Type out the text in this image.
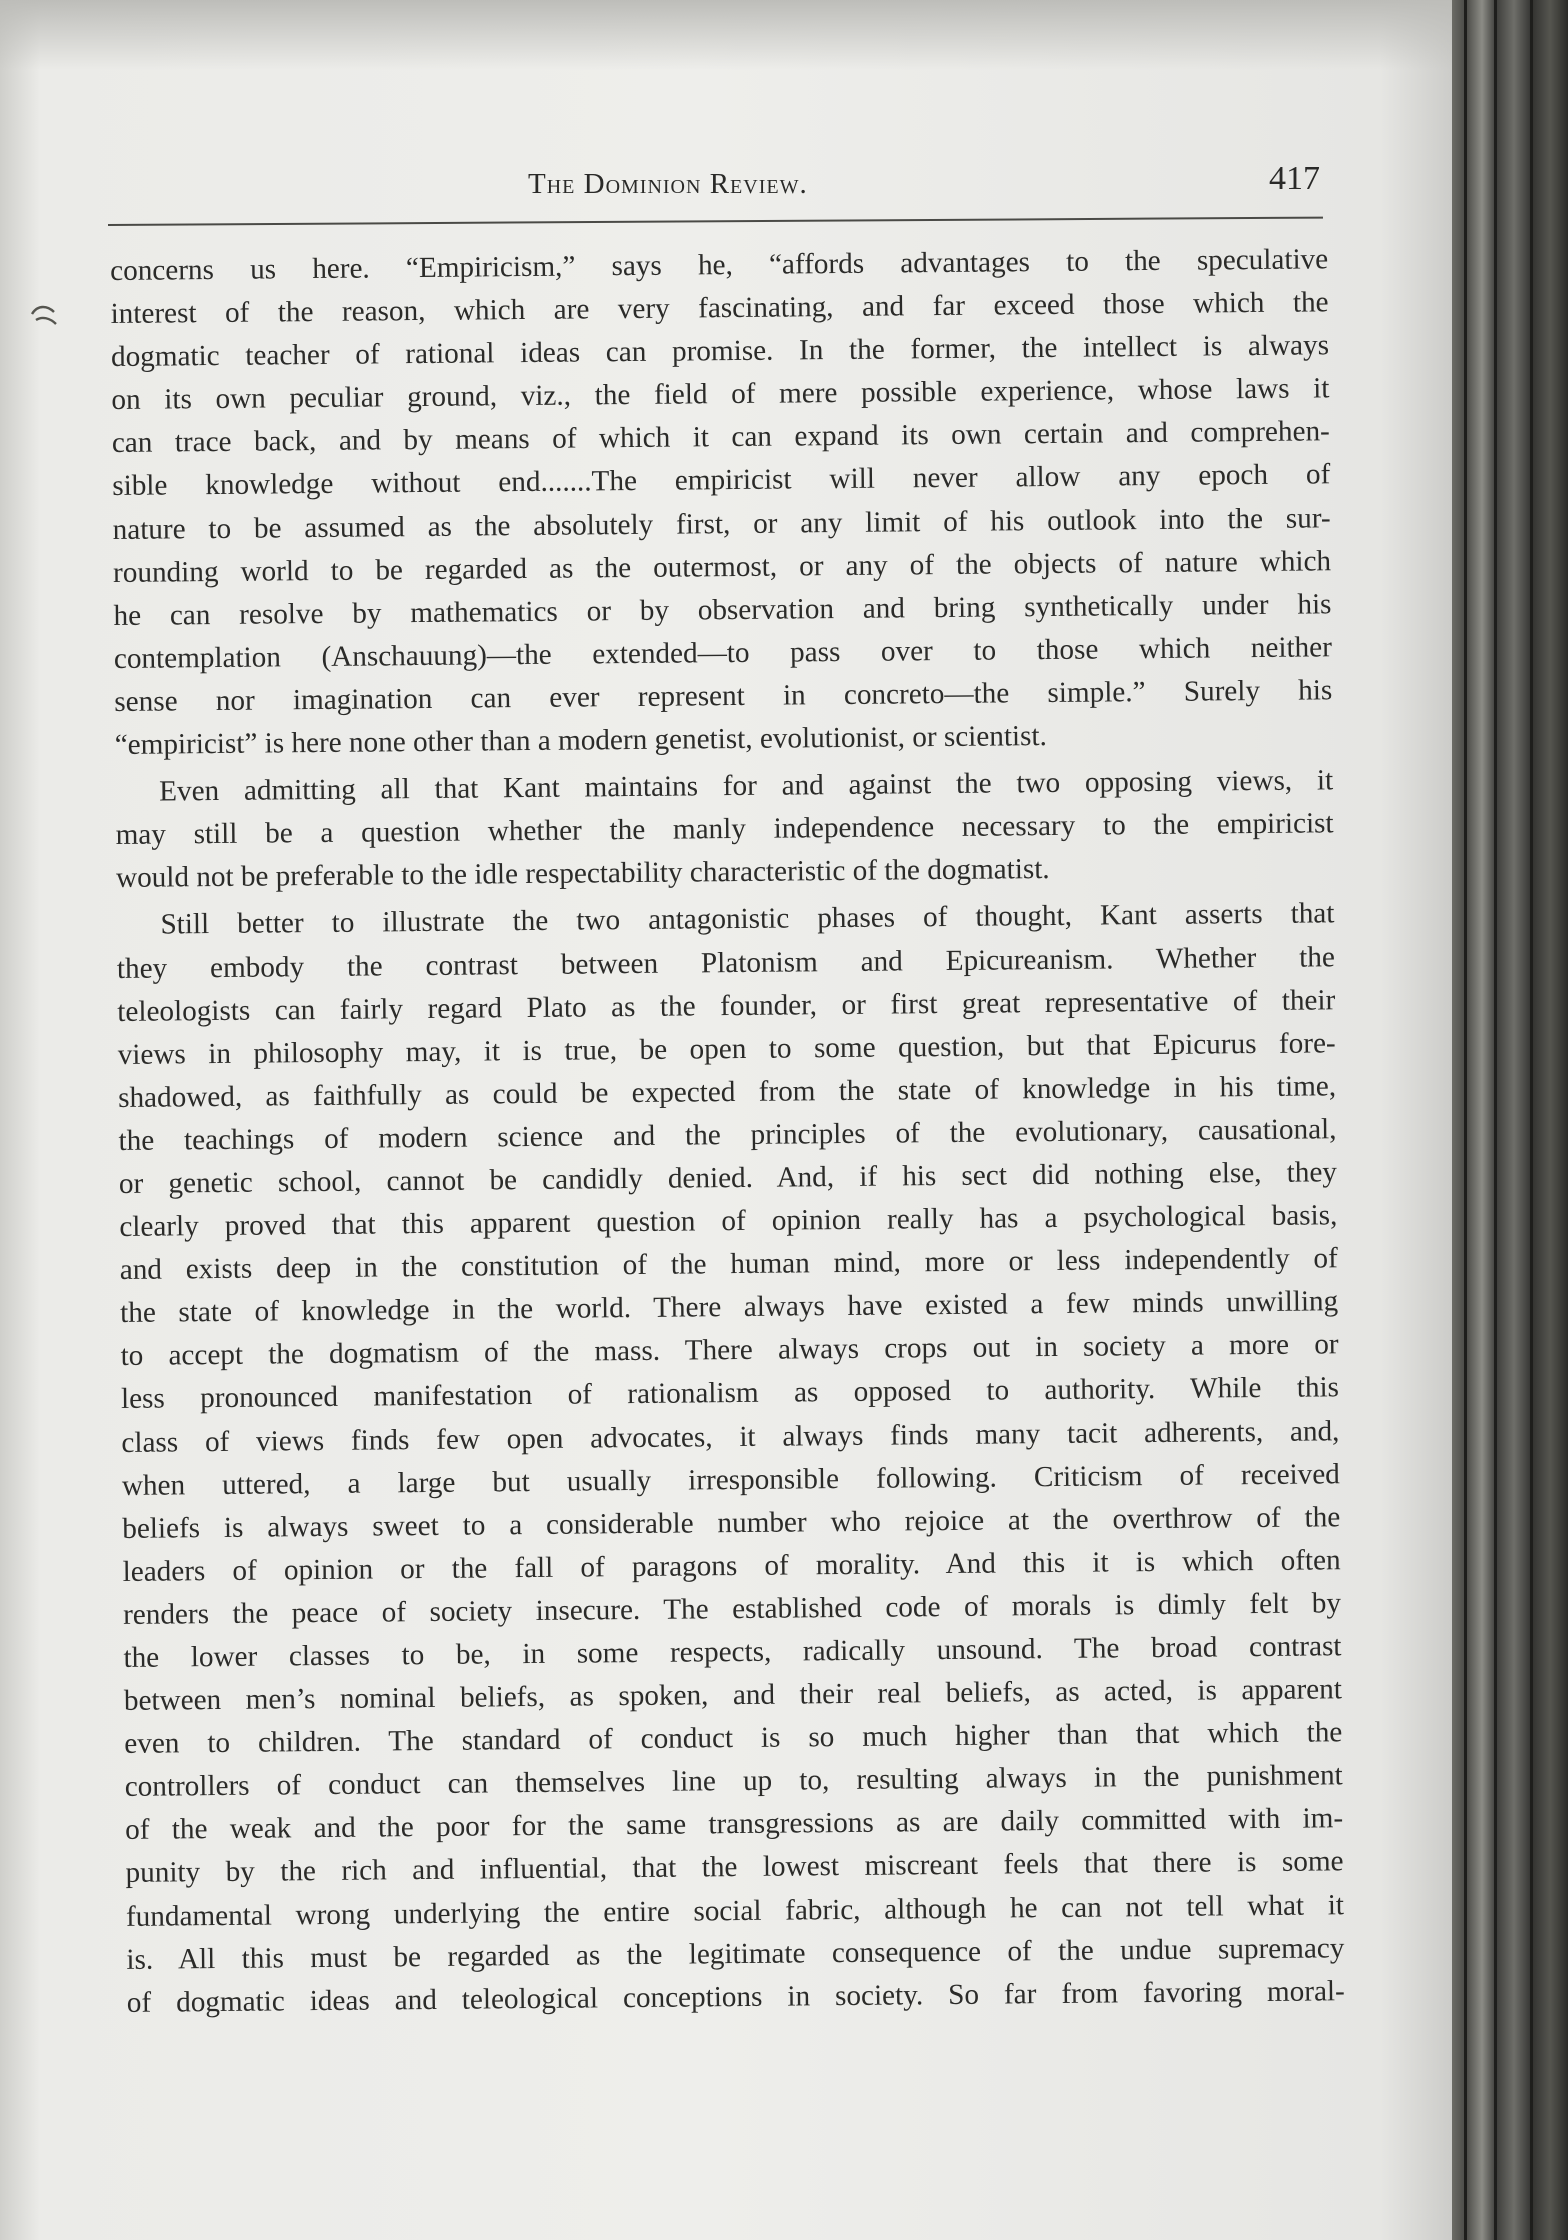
The Dominion Review.	417
concerns us here. “Empiricism,” says he, “affords advantages to the speculative
interest of the reason, which are very fascinating, and far exceed those which the
dogmatic teacher of rational ideas can promise. In the former, the intellect is always
on its own peculiar ground, viz., the field of mere possible experience, whose laws it
can trace back, and by means of which it can expand its own certain and comprehen-
sible knowledge without end.......The empiricist will never allow any epoch of
nature to be assumed as the absolutely first, or any limit of his outlook into the sur-
rounding world to be regarded as the outermost, or any of the objects of nature which
he can resolve by mathematics or by observation and bring synthetically under his
contemplation (Anschauung)—the extended—to pass over to those which neither
sense nor imagination can ever represent in concreto—the simple.” Surely his
“empiricist” is here none other than a modern genetist, evolutionist, or scientist.
Even admitting all that Kant maintains for and against the two opposing views, it
may still be a question whether the manly independence necessary to the empiricist
would not be preferable to the idle respectability characteristic of the dogmatist.
Still better to illustrate the two antagonistic phases of thought, Kant asserts that
they embody the contrast between Platonism and Epicureanism. Whether the
teleologists can fairly regard Plato as the founder, or first great representative of their
views in philosophy may, it is true, be open to some question, but that Epicurus fore-
shadowed, as faithfully as could be expected from the state of knowledge in his time,
the teachings of modern science and the principles of the evolutionary, causational,
or genetic school, cannot be candidly denied. And, if his sect did nothing else, they
clearly proved that this apparent question of opinion really has a psychological basis,
and exists deep in the constitution of the human mind, more or less independently of
the state of knowledge in the world. There always have existed a few minds unwilling
to accept the dogmatism of the mass. There always crops out in society a more or
less pronounced manifestation of rationalism as opposed to authority. While this
class of views finds few open advocates, it always finds many tacit adherents, and,
when uttered, a large but usually irresponsible following. Criticism of received
beliefs is always sweet to a considerable number who rejoice at the overthrow of the
leaders of opinion or the fall of paragons of morality. And this it is which often
renders the peace of society insecure. The established code of morals is dimly felt by
the lower classes to be, in some respects, radically unsound. The broad contrast
between men’s nominal beliefs, as spoken, and their real beliefs, as acted, is apparent
even to children. The standard of conduct is so much higher than that which the
controllers of conduct can themselves line up to, resulting always in the punishment
of the weak and the poor for the same transgressions as are daily committed with im-
punity by the rich and influential, that the lowest miscreant feels that there is some
fundamental wrong underlying the entire social fabric, although he can not tell what it
is. All this must be regarded as the legitimate consequence of the undue supremacy
of dogmatic ideas and teleological conceptions in society. So far from favoring moral-
